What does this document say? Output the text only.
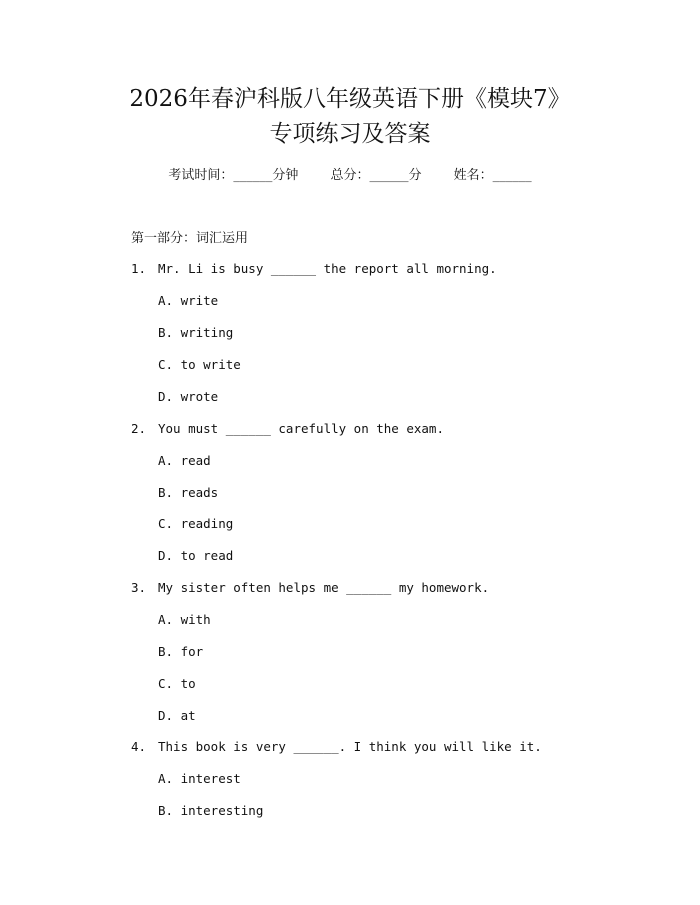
2026年春沪科版八年级英语下册《模块7》
专项练习及答案
考试时间：______分钟 总分：______分 姓名：______
第一部分：词汇运用
1. Mr. Li is busy ______ the report all morning.
A. write
B. writing
C. to write
D. wrote
2. You must ______ carefully on the exam.
A. read
B. reads
C. reading
D. to read
3. My sister often helps me ______ my homework.
A. with
B. for
C. to
D. at
4. This book is very ______. I think you will like it.
A. interest
B. interesting
